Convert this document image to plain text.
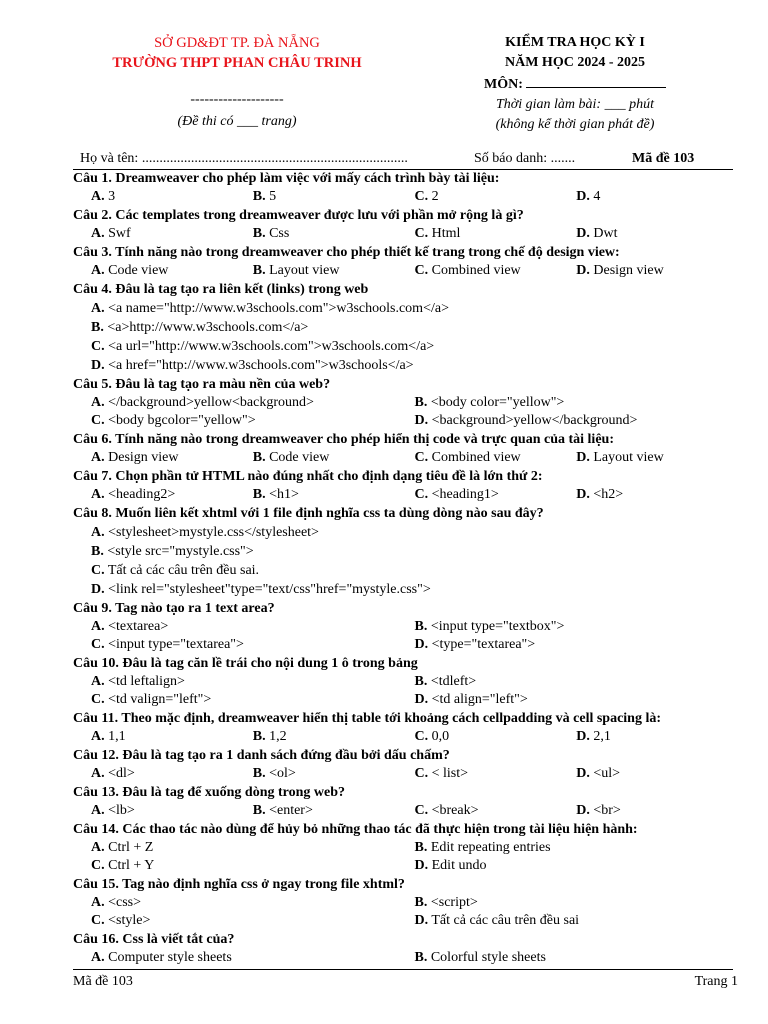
SỞ GD&ĐT TP. ĐÀ NẴNG
TRƯỜNG THPT PHAN CHÂU TRINH
--------------------
(Đề thi có ___ trang)
KIỂM TRA HỌC KỲ I
NĂM HỌC 2024 - 2025
MÔN:
Thời gian làm bài: ___ phút
(không kể thời gian phát đề)
Họ và tên: ............................................................................	Số báo danh: .......	Mã đề 103
Câu 1. Dreamweaver cho phép làm việc với mấy cách trình bày tài liệu:
A. 3	B. 5	C. 2	D. 4
Câu 2. Các templates trong dreamweaver được lưu với phần mở rộng là gì?
A. Swf	B. Css	C. Html	D. Dwt
Câu 3. Tính năng nào trong dreamweaver cho phép thiết kế trang trong chế độ design view:
A. Code view	B. Layout view	C. Combined view	D. Design view
Câu 4. Đâu là tag tạo ra liên kết (links) trong web
A. <a name="http://www.w3schools.com">w3schools.com</a>
B. <a>http://www.w3schools.com</a>
C. <a url="http://www.w3schools.com">w3schools.com</a>
D. <a href="http://www.w3schools.com">w3schools</a>
Câu 5. Đâu là tag tạo ra màu nền của web?
A. </background>yellow<background>	B. <body color="yellow">
C. <body bgcolor="yellow">	D. <background>yellow</background>
Câu 6. Tính năng nào trong dreamweaver cho phép hiển thị code và trực quan của tài liệu:
A. Design view	B. Code view	C. Combined view	D. Layout view
Câu 7. Chọn phần tử HTML nào đúng nhất cho định dạng tiêu đề là lớn thứ 2:
A. <heading2>	B. <h1>	C. <heading1>	D. <h2>
Câu 8. Muốn liên kết xhtml với 1 file định nghĩa css ta dùng dòng nào sau đây?
A. <stylesheet>mystyle.css</stylesheet>
B. <style src="mystyle.css">
C. Tất cả các câu trên đều sai.
D. <link rel="stylesheet"type="text/css"href="mystyle.css">
Câu 9. Tag nào tạo ra 1 text area?
A. <textarea>	B. <input type="textbox">
C. <input type="textarea">	D. <type="textarea">
Câu 10. Đâu là tag căn lề trái cho nội dung 1 ô trong bảng
A. <td leftalign>	B. <tdleft>
C. <td valign="left">	D. <td align="left">
Câu 11. Theo mặc định, dreamweaver hiển thị table tới khoảng cách cellpadding và cell spacing là:
A. 1,1	B. 1,2	C. 0,0	D. 2,1
Câu 12. Đâu là tag tạo ra 1 danh sách đứng đầu bởi dấu chấm?
A. <dl>	B. <ol>	C. < list>	D. <ul>
Câu 13. Đâu là tag để xuống dòng trong web?
A. <lb>	B. <enter>	C. <break>	D. <br>
Câu 14. Các thao tác nào dùng để hủy bỏ những thao tác đã thực hiện trong tài liệu hiện hành:
A. Ctrl + Z	B. Edit repeating entries
C. Ctrl + Y	D. Edit undo
Câu 15. Tag nào định nghĩa css ở ngay trong file xhtml?
A. <css>	B. <script>
C. <style>	D. Tất cả các câu trên đều sai
Câu 16. Css là viết tắt của?
A. Computer style sheets	B. Colorful style sheets
Mã đề 103	Trang 1
